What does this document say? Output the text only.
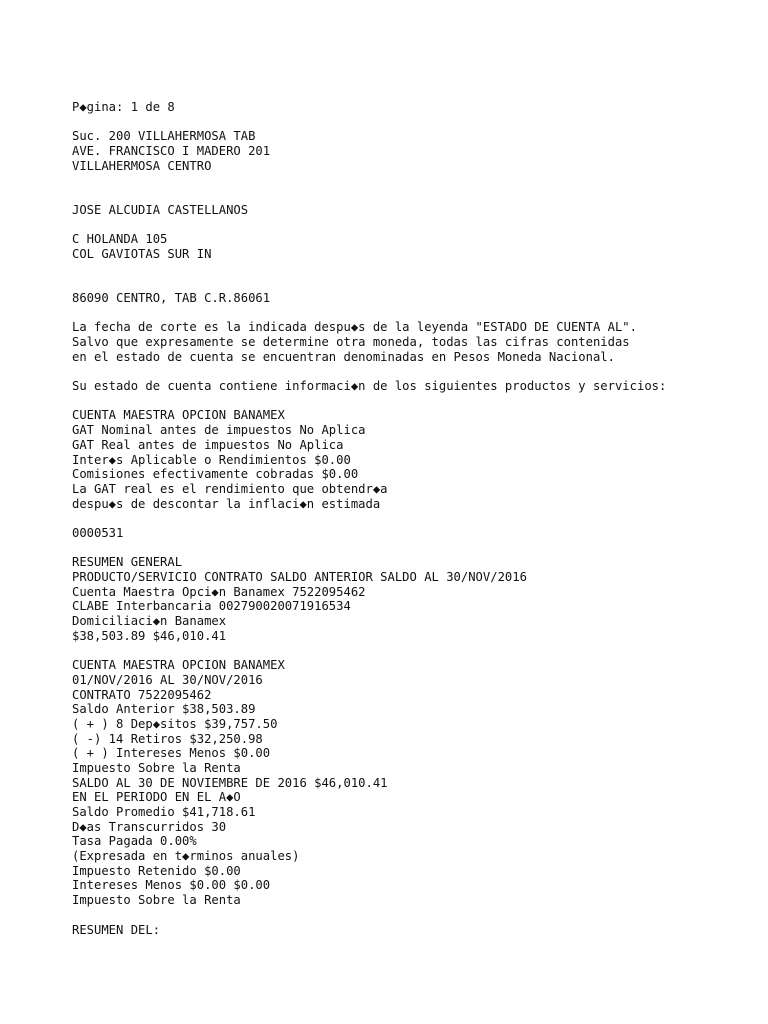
P◆gina: 1 de 8
Suc. 200 VILLAHERMOSA TAB
AVE. FRANCISCO I MADERO 201
VILLAHERMOSA CENTRO
JOSE ALCUDIA CASTELLANOS
C HOLANDA 105
COL GAVIOTAS SUR IN
86090 CENTRO, TAB C.R.86061
La fecha de corte es la indicada despu◆s de la leyenda "ESTADO DE CUENTA AL".
Salvo que expresamente se determine otra moneda, todas las cifras contenidas
en el estado de cuenta se encuentran denominadas en Pesos Moneda Nacional.
Su estado de cuenta contiene informaci◆n de los siguientes productos y servicios:
CUENTA MAESTRA OPCION BANAMEX
GAT Nominal antes de impuestos No Aplica
GAT Real antes de impuestos No Aplica
Inter◆s Aplicable o Rendimientos $0.00
Comisiones efectivamente cobradas $0.00
La GAT real es el rendimiento que obtendr◆a
despu◆s de descontar la inflaci◆n estimada
0000531
RESUMEN GENERAL
PRODUCTO/SERVICIO CONTRATO SALDO ANTERIOR SALDO AL 30/NOV/2016
Cuenta Maestra Opci◆n Banamex 7522095462
CLABE Interbancaria 002790020071916534
Domiciliaci◆n Banamex
$38,503.89 $46,010.41
CUENTA MAESTRA OPCION BANAMEX
01/NOV/2016 AL 30/NOV/2016
CONTRATO 7522095462
Saldo Anterior $38,503.89
( + ) 8 Dep◆sitos $39,757.50
( -) 14 Retiros $32,250.98
( + ) Intereses Menos $0.00
Impuesto Sobre la Renta
SALDO AL 30 DE NOVIEMBRE DE 2016 $46,010.41
EN EL PERIODO EN EL A◆O
Saldo Promedio $41,718.61
D◆as Transcurridos 30
Tasa Pagada 0.00%
(Expresada en t◆rminos anuales)
Impuesto Retenido $0.00
Intereses Menos $0.00 $0.00
Impuesto Sobre la Renta
RESUMEN DEL:
